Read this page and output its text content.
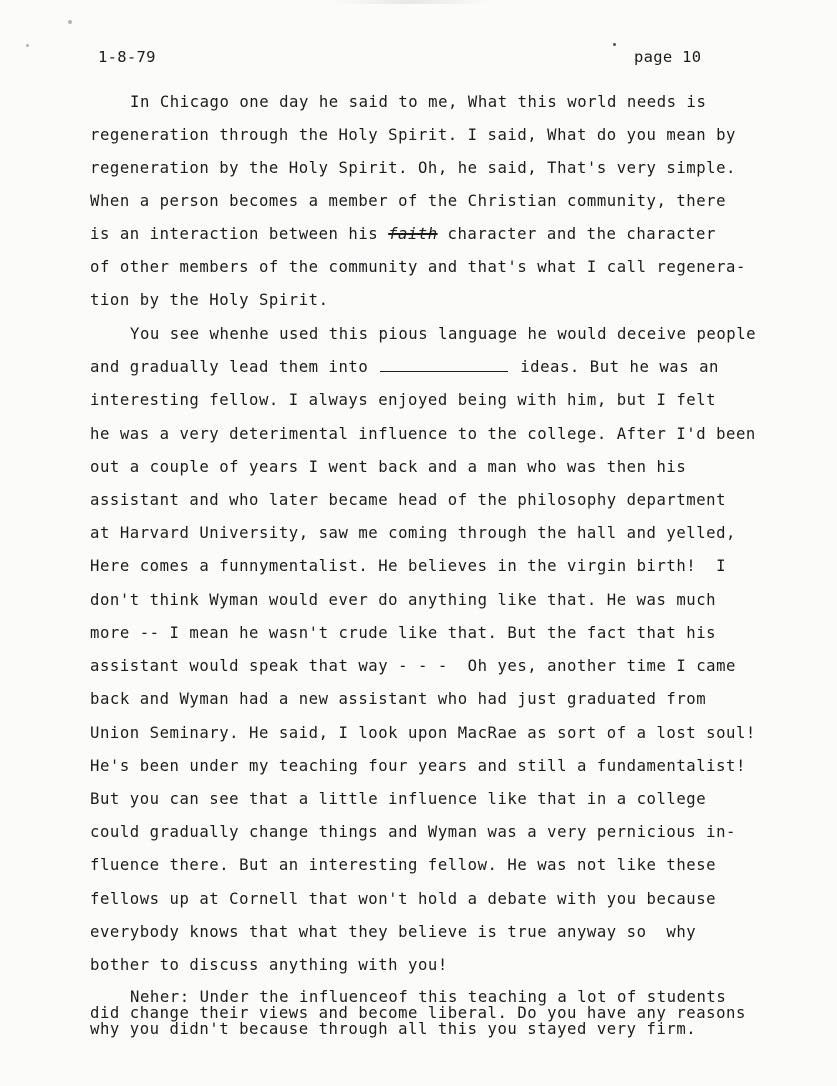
1-8-79	page 10
In Chicago one day he said to me, What this world needs is
regeneration through the Holy Spirit. I said, What do you mean by
regeneration by the Holy Spirit. Oh, he said, That's very simple.
When a person becomes a member of the Christian community, there
is an interaction between his faith character and the character
of other members of the community and that's what I call regenera-
tion by the Holy Spirit.
You see whenhe used this pious language he would deceive people
and gradually lead them into	ideas. But he was an
interesting fellow. I always enjoyed being with him, but I felt
he was a very deterimental influence to the college. After I'd been
out a couple of years I went back and a man who was then his
assistant and who later became head of the philosophy department
at Harvard University, saw me coming through the hall and yelled,
Here comes a funnymentalist. He believes in the virgin birth!  I
don't think Wyman would ever do anything like that. He was much
more -- I mean he wasn't crude like that. But the fact that his
assistant would speak that way - - -  Oh yes, another time I came
back and Wyman had a new assistant who had just graduated from
Union Seminary. He said, I look upon MacRae as sort of a lost soul!
He's been under my teaching four years and still a fundamentalist!
But you can see that a little influence like that in a college
could gradually change things and Wyman was a very pernicious in-
fluence there. But an interesting fellow. He was not like these
fellows up at Cornell that won't hold a debate with you because
everybody knows that what they believe is true anyway so  why
bother to discuss anything with you!
Neher: Under the influenceof this teaching a lot of students
did change their views and become liberal. Do you have any reasons
why you didn't because through all this you stayed very firm.
